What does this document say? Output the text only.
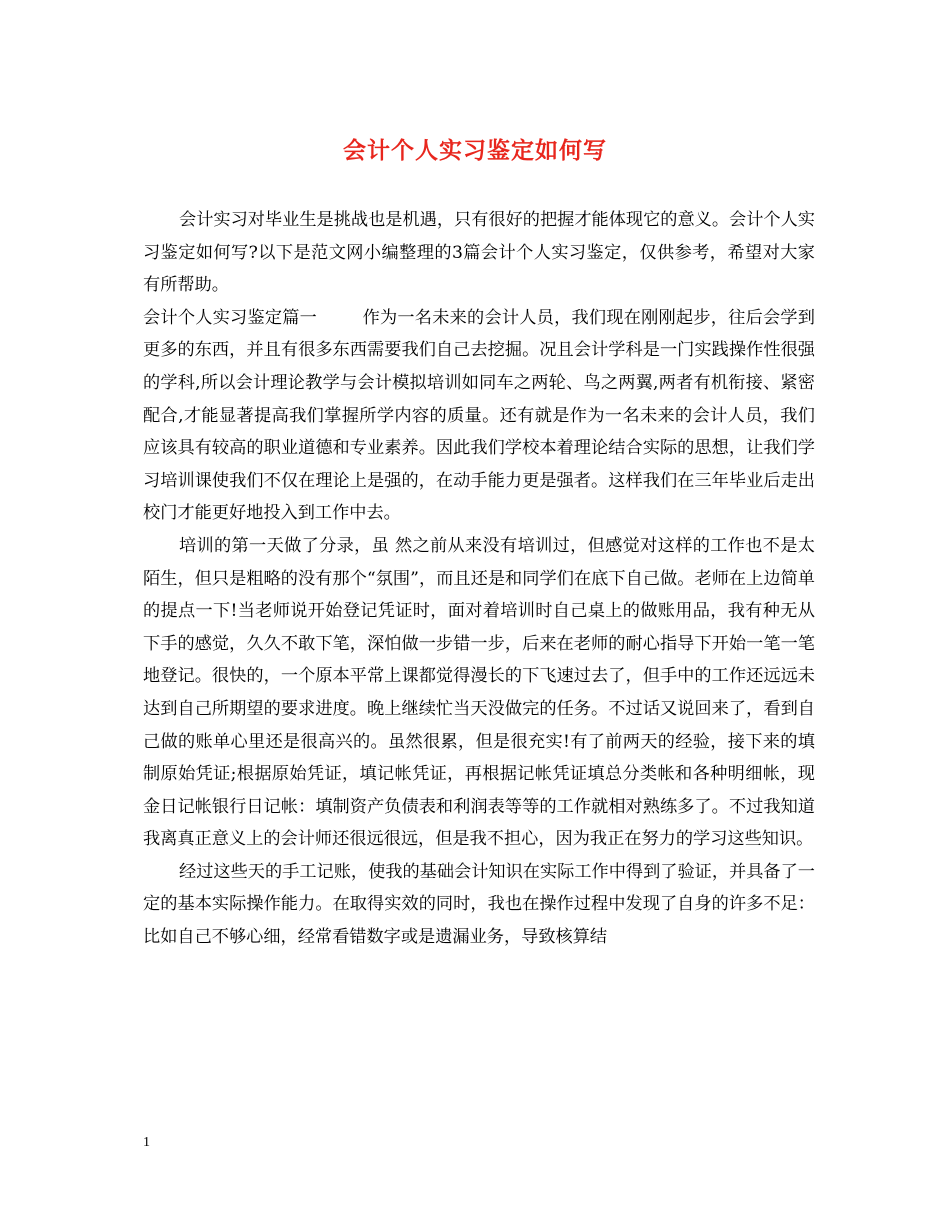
会计个人实习鉴定如何写

会计实习对毕业生是挑战也是机遇，只有很好的把握才能体现它的意义。会计个人实习鉴定如何写?以下是范文网小编整理的3篇会计个人实习鉴定，仅供参考，希望对大家有所帮助。

会计个人实习鉴定篇一	作为一名未来的会计人员，我们现在刚刚起步，往后会学到更多的东西，并且有很多东西需要我们自己去挖掘。况且会计学科是一门实践操作性很强的学科,所以会计理论教学与会计模拟培训如同车之两轮、鸟之两翼,两者有机衔接、紧密配合,才能显著提高我们掌握所学内容的质量。还有就是作为一名未来的会计人员，我们应该具有较高的职业道德和专业素养。因此我们学校本着理论结合实际的思想，让我们学习培训课使我们不仅在理论上是强的，在动手能力更是强者。这样我们在三年毕业后走出校门才能更好地投入到工作中去。

培训的第一天做了分录，虽 然之前从来没有培训过，但感觉对这样的工作也不是太陌生，但只是粗略的没有那个“氛围”，而且还是和同学们在底下自己做。老师在上边简单的提点一下!当老师说开始登记凭证时，面对着培训时自己桌上的做账用品，我有种无从下手的感觉，久久不敢下笔，深怕做一步错一步，后来在老师的耐心指导下开始一笔一笔地登记。很快的，一个原本平常上课都觉得漫长的下飞速过去了，但手中的工作还远远未达到自己所期望的要求进度。晚上继续忙当天没做完的任务。不过话又说回来了，看到自己做的账单心里还是很高兴的。虽然很累，但是很充实!有了前两天的经验，接下来的填制原始凭证;根据原始凭证，填记帐凭证，再根据记帐凭证填总分类帐和各种明细帐，现金日记帐银行日记帐：填制资产负债表和利润表等等的工作就相对熟练多了。不过我知道我离真正意义上的会计师还很远很远，但是我不担心，因为我正在努力的学习这些知识。

经过这些天的手工记账，使我的基础会计知识在实际工作中得到了验证，并具备了一定的基本实际操作能力。在取得实效的同时，我也在操作过程中发现了自身的许多不足：比如自己不够心细，经常看错数字或是遗漏业务，导致核算结

1
